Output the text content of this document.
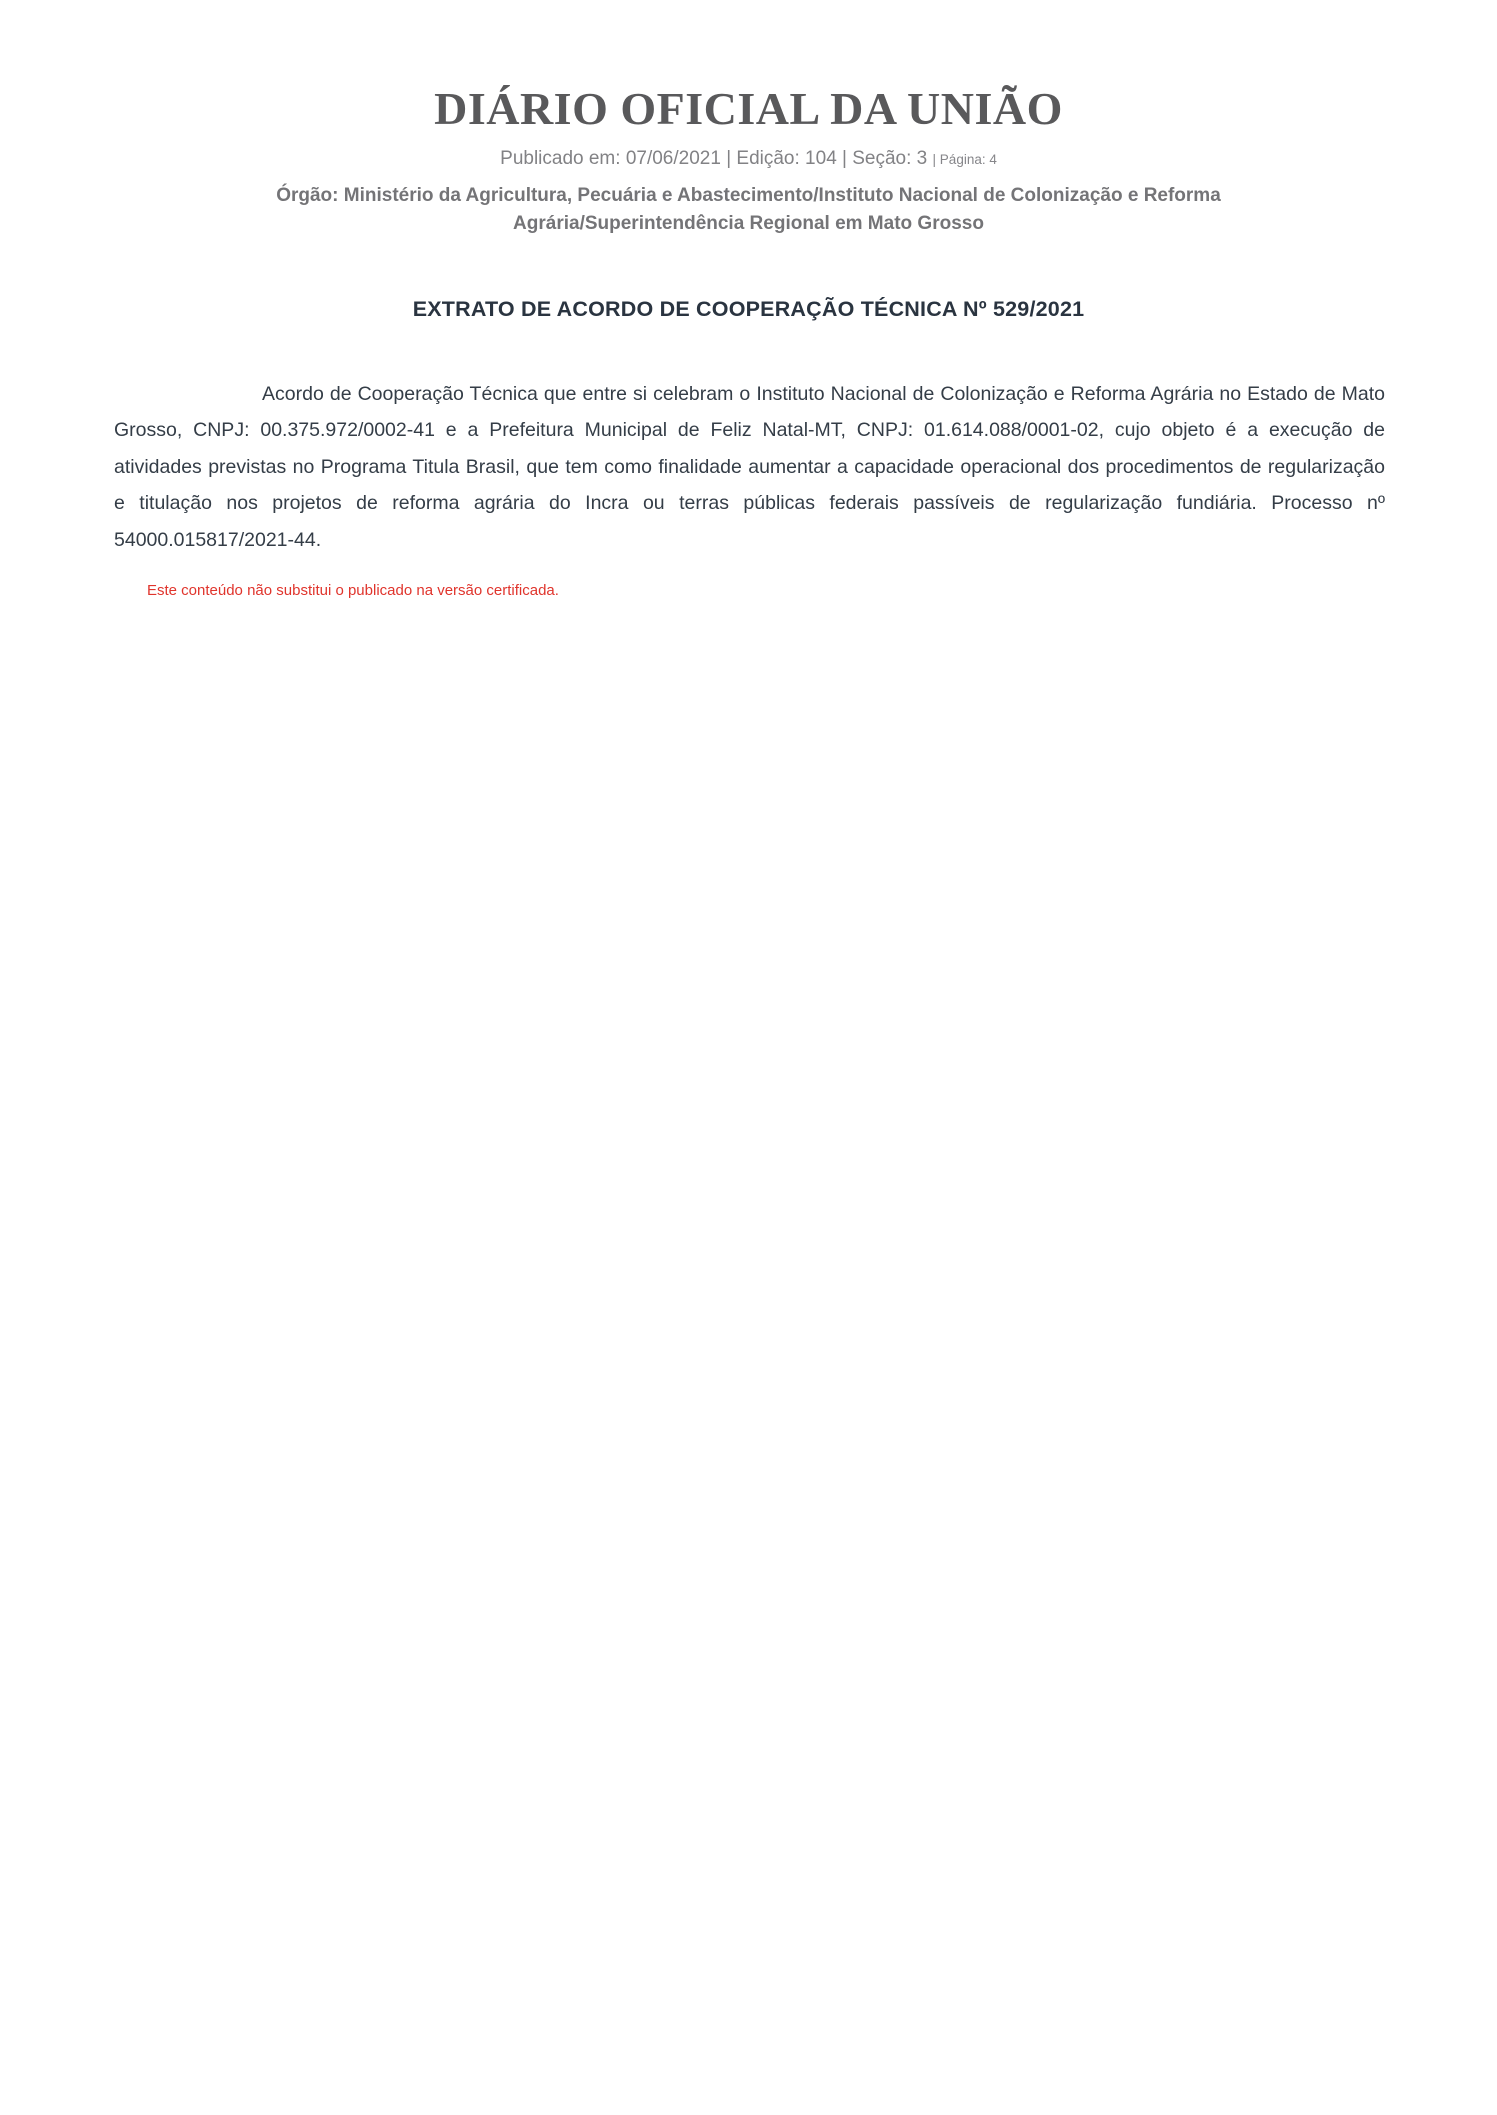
DIÁRIO OFICIAL DA UNIÃO
Publicado em: 07/06/2021 | Edição: 104 | Seção: 3 | Página: 4
Órgão: Ministério da Agricultura, Pecuária e Abastecimento/Instituto Nacional de Colonização e Reforma Agrária/Superintendência Regional em Mato Grosso
EXTRATO DE ACORDO DE COOPERAÇÃO TÉCNICA Nº 529/2021

Acordo de Cooperação Técnica que entre si celebram o Instituto Nacional de Colonização e Reforma Agrária no Estado de Mato Grosso, CNPJ: 00.375.972/0002-41 e a Prefeitura Municipal de Feliz Natal-MT, CNPJ: 01.614.088/0001-02, cujo objeto é a execução de atividades previstas no Programa Titula Brasil, que tem como finalidade aumentar a capacidade operacional dos procedimentos de regularização e titulação nos projetos de reforma agrária do Incra ou terras públicas federais passíveis de regularização fundiária. Processo nº 54000.015817/2021-44.

Este conteúdo não substitui o publicado na versão certificada.
